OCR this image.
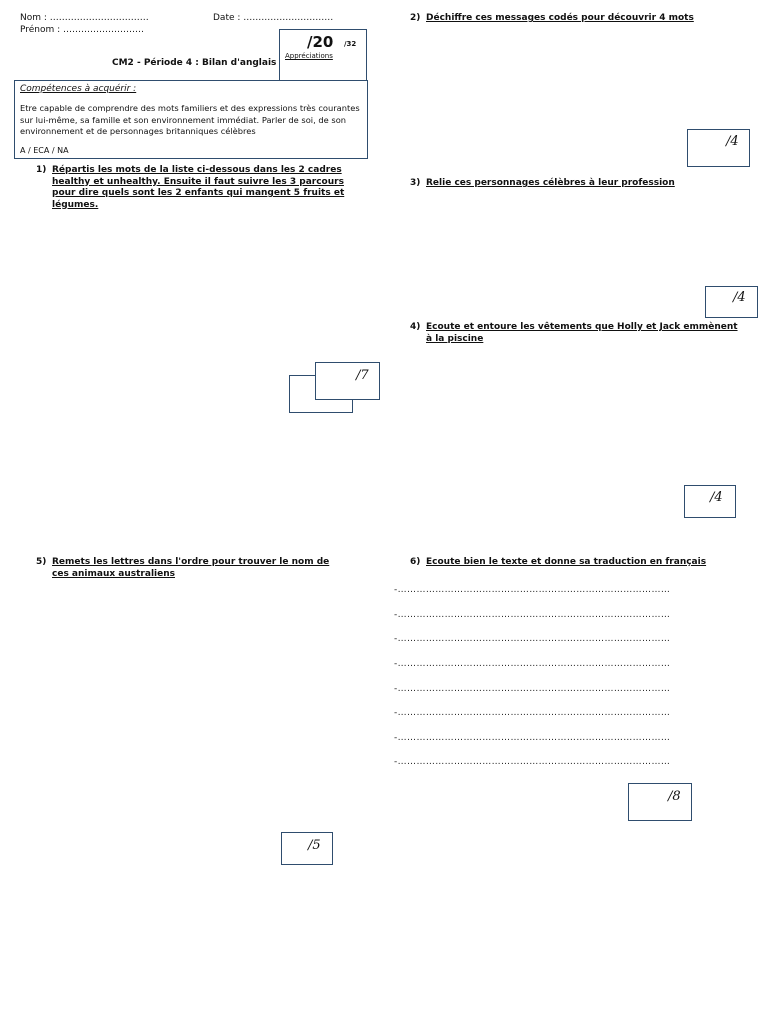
Nom : ……………………………
Prénom : ………………………
Date : …………………………
/20 /32
Appréciations
CM2 - Période 4 : Bilan d'anglais
Compétences à acquérir :
Etre capable de comprendre des mots familiers et des expressions très courantes sur lui-même, sa famille et son environnement immédiat. Parler de soi, de son environnement et de personnages britanniques célèbres
A / ECA / NA
1) Répartis les mots de la liste ci-dessous dans les 2 cadres healthy et unhealthy. Ensuite il faut suivre les 3 parcours pour dire quels sont les 2 enfants qui mangent 5 fruits et légumes.
/7
2) Déchiffre ces messages codés pour découvrir 4 mots
/4
3) Relie ces personnages célèbres à leur profession
/4
4) Ecoute et entoure les vêtements que Holly et Jack emmènent à la piscine
/4
5) Remets les lettres dans l'ordre pour trouver le nom de ces animaux australiens
/5
6) Ecoute bien le texte et donne sa traduction en français
-……………………………………………………………………………
-……………………………………………………………………………
-……………………………………………………………………………
-……………………………………………………………………………
-……………………………………………………………………………
-……………………………………………………………………………
-……………………………………………………………………………
-……………………………………………………………………………
/8
